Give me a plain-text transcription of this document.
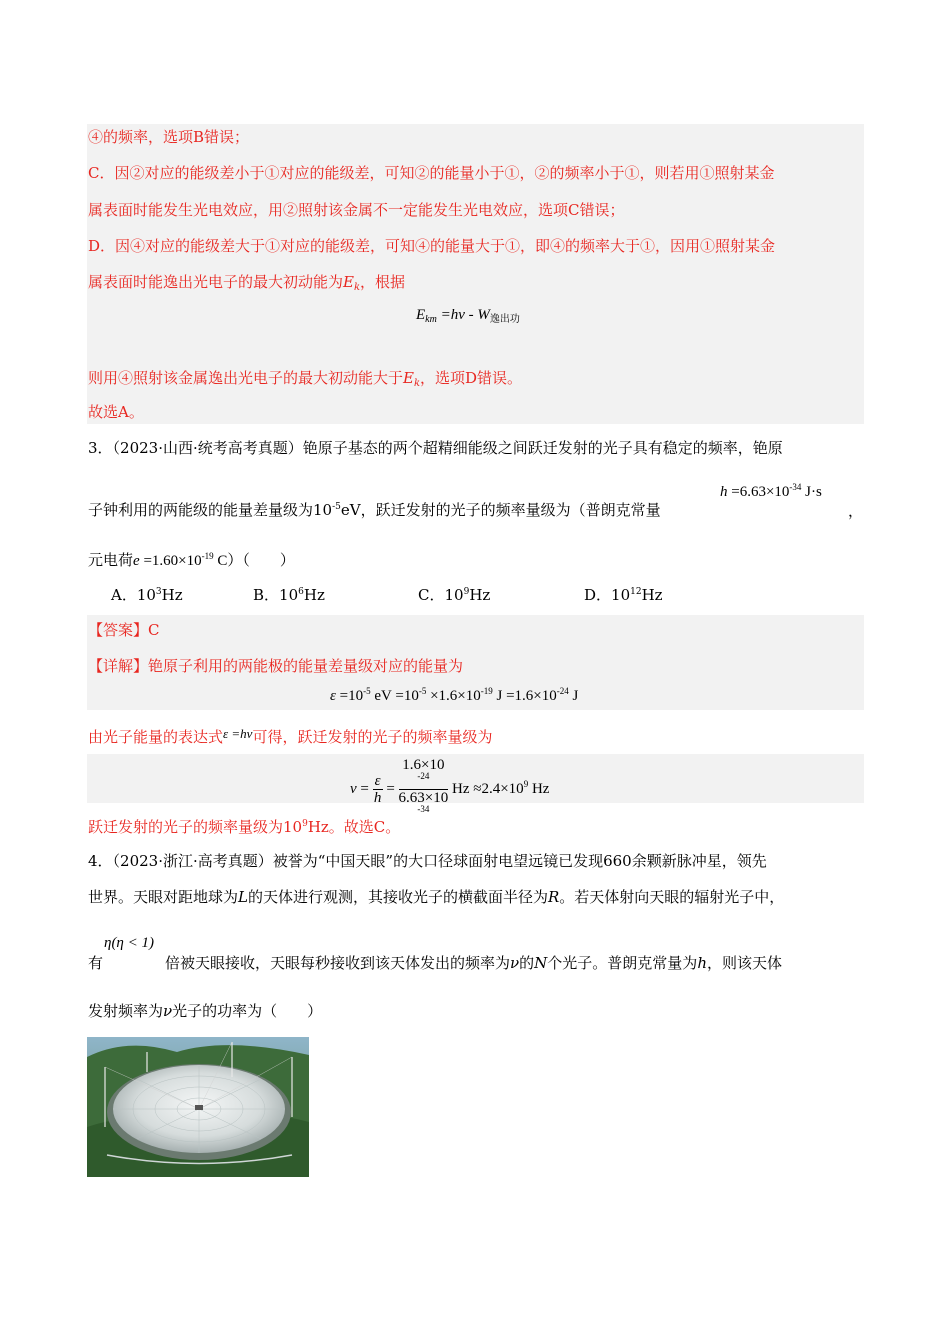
④的频率，选项B错误；
C．因②对应的能级差小于①对应的能级差，可知②的能量小于①，②的频率小于①，则若用①照射某金
属表面时能发生光电效应，用②照射该金属不一定能发生光电效应，选项C错误；
D．因④对应的能级差大于①对应的能级差，可知④的能量大于①，即④的频率大于①，因用①照射某金
属表面时能逸出光电子的最大初动能为$E_k$，根据
$E_{km} =h\nu - W_{逸出功}$
则用④照射该金属逸出光电子的最大初动能大于$E_k$，选项D错误。
故选A。
3．（2023·山西·统考高考真题）铯原子基态的两个超精细能级之间跃迁发射的光子具有稳定的频率，铯原
子钟利用的两能级的能量差量级为$10^{-5}eV$，跃迁发射的光子的频率量级为（普朗克常量
$h =6.63\times 10^{-34}$ J·s
，
元电荷$e =1.60\times 10^{-19}$ C）（　　）
A．$10^3Hz$	B．$10^6Hz$	C．$10^9Hz$	D．$10^{12}Hz$
【答案】C
【详解】铯原子利用的两能极的能量差量级对应的能量为
$\varepsilon =10^{-5}$ eV $=10^{-5} \times 1.6\times 10^{-19}$ $J =1.6\times 10^{-24}$ J
由光子能量的表达式ε =hν可得，跃迁发射的光子的频率量级为
$\nu = \frac{\varepsilon}{h} = 1.6\times 10$
$^{-24}$
6.63×10
$^{-34}$ $Hz \approx 2.4\times 10^9$ Hz
跃迁发射的光子的频率量级为$10^9Hz$。故选C。
4．（2023·浙江·高考真题）被誉为“中国天眼”的大口径球面射电望远镜已发现660余颗新脉冲星，领先
世界。天眼对距地球为L的天体进行观测，其接收光子的横截面半径为R。若天体射向天眼的辐射光子中，
η(η < 1)
有	倍被天眼接收，天眼每秒接收到该天体发出的频率为ν的N个光子。普朗克常量为h，则该天体
发射频率为ν光子的功率为（　　）
